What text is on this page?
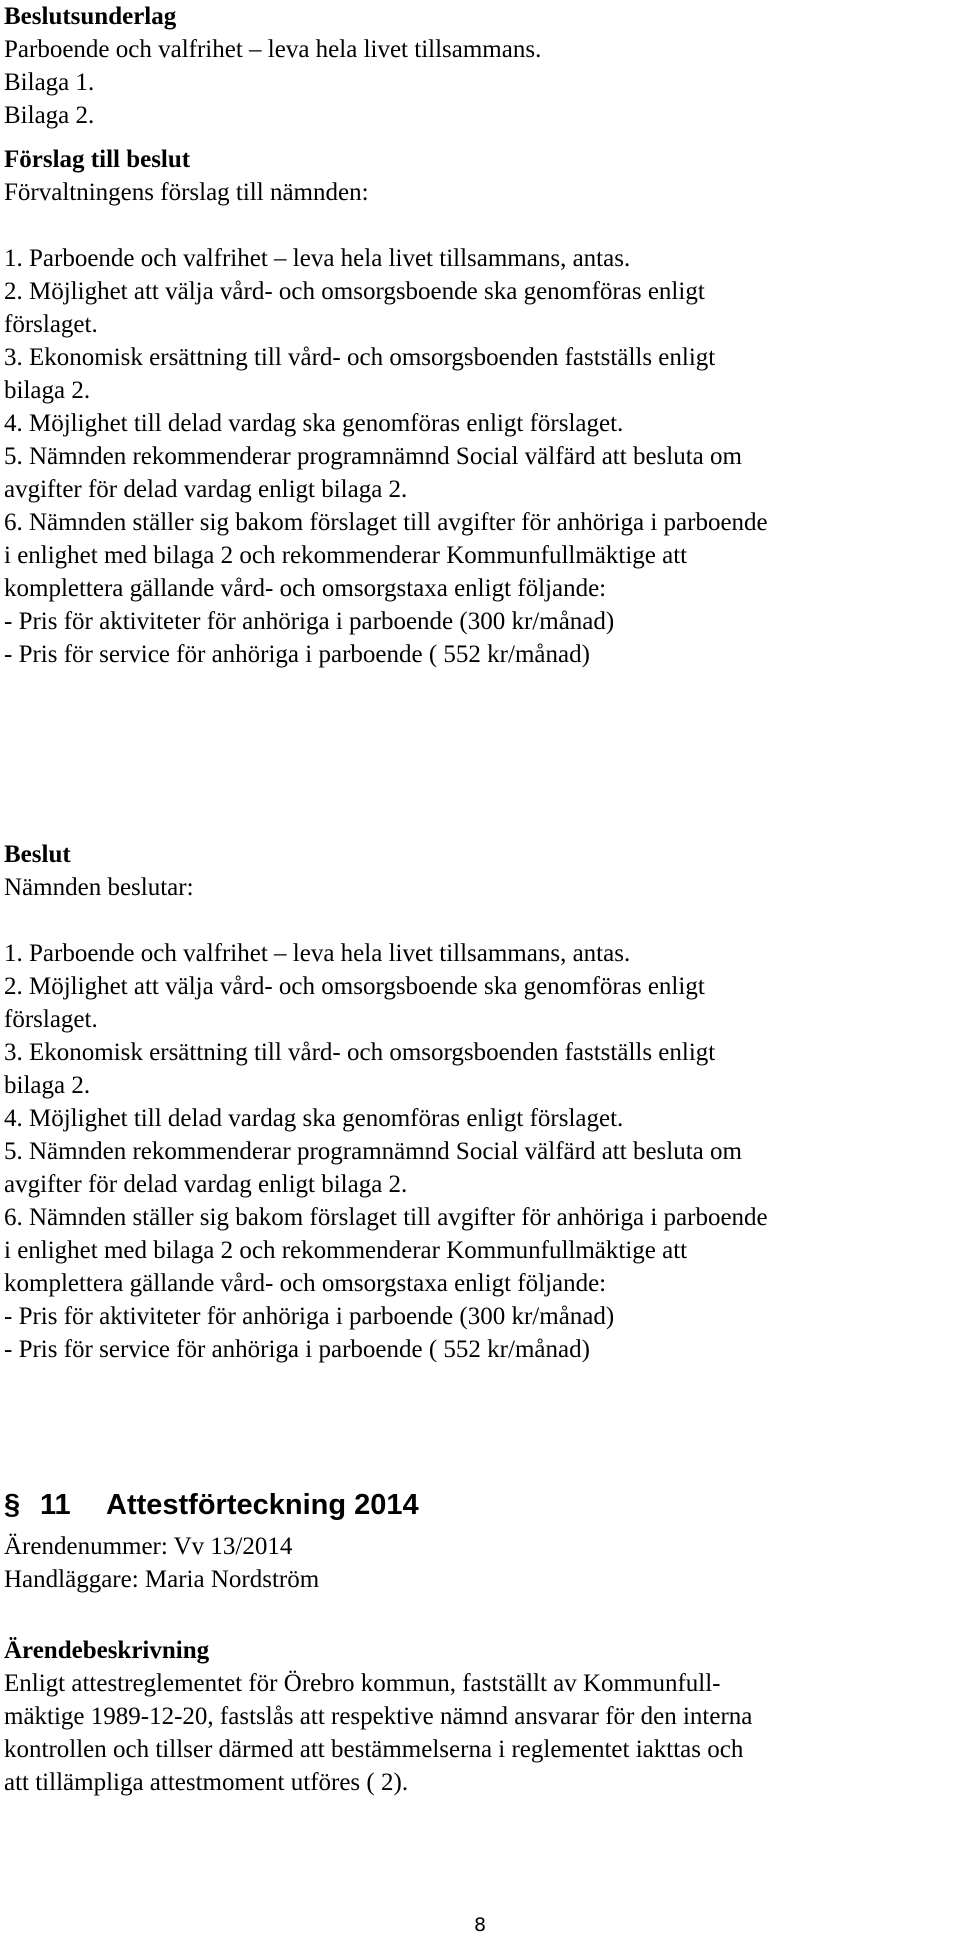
Beslutsunderlag
Parboende och valfrihet – leva hela livet tillsammans.
Bilaga 1.
Bilaga 2.
Förslag till beslut
Förvaltningens förslag till nämnden:
1. Parboende och valfrihet – leva hela livet tillsammans, antas.
2. Möjlighet att välja vård- och omsorgsboende ska genomföras enligt
förslaget.
3. Ekonomisk ersättning till vård- och omsorgsboenden fastställs enligt
bilaga 2.
4. Möjlighet till delad vardag ska genomföras enligt förslaget.
5. Nämnden rekommenderar programnämnd Social välfärd att besluta om
avgifter för delad vardag enligt bilaga 2.
6. Nämnden ställer sig bakom förslaget till avgifter för anhöriga i parboende
i enlighet med bilaga 2 och rekommenderar Kommunfullmäktige att
komplettera gällande vård- och omsorgstaxa enligt följande:
- Pris för aktiviteter för anhöriga i parboende (300 kr/månad)
- Pris för service för anhöriga i parboende ( 552 kr/månad)
Beslut
Nämnden beslutar:
1. Parboende och valfrihet – leva hela livet tillsammans, antas.
2. Möjlighet att välja vård- och omsorgsboende ska genomföras enligt
förslaget.
3. Ekonomisk ersättning till vård- och omsorgsboenden fastställs enligt
bilaga 2.
4. Möjlighet till delad vardag ska genomföras enligt förslaget.
5. Nämnden rekommenderar programnämnd Social välfärd att besluta om
avgifter för delad vardag enligt bilaga 2.
6. Nämnden ställer sig bakom förslaget till avgifter för anhöriga i parboende
i enlighet med bilaga 2 och rekommenderar Kommunfullmäktige att
komplettera gällande vård- och omsorgstaxa enligt följande:
- Pris för aktiviteter för anhöriga i parboende (300 kr/månad)
- Pris för service för anhöriga i parboende ( 552 kr/månad)
§ 11 Attestförteckning 2014
Ärendenummer: Vv 13/2014
Handläggare: Maria Nordström
Ärendebeskrivning
Enligt attestreglementet för Örebro kommun, fastställt av Kommunfull-
mäktige 1989-12-20, fastslås att respektive nämnd ansvarar för den interna
kontrollen och tillser därmed att bestämmelserna i reglementet iakttas och
att tillämpliga attestmoment utföres ( 2).
8
